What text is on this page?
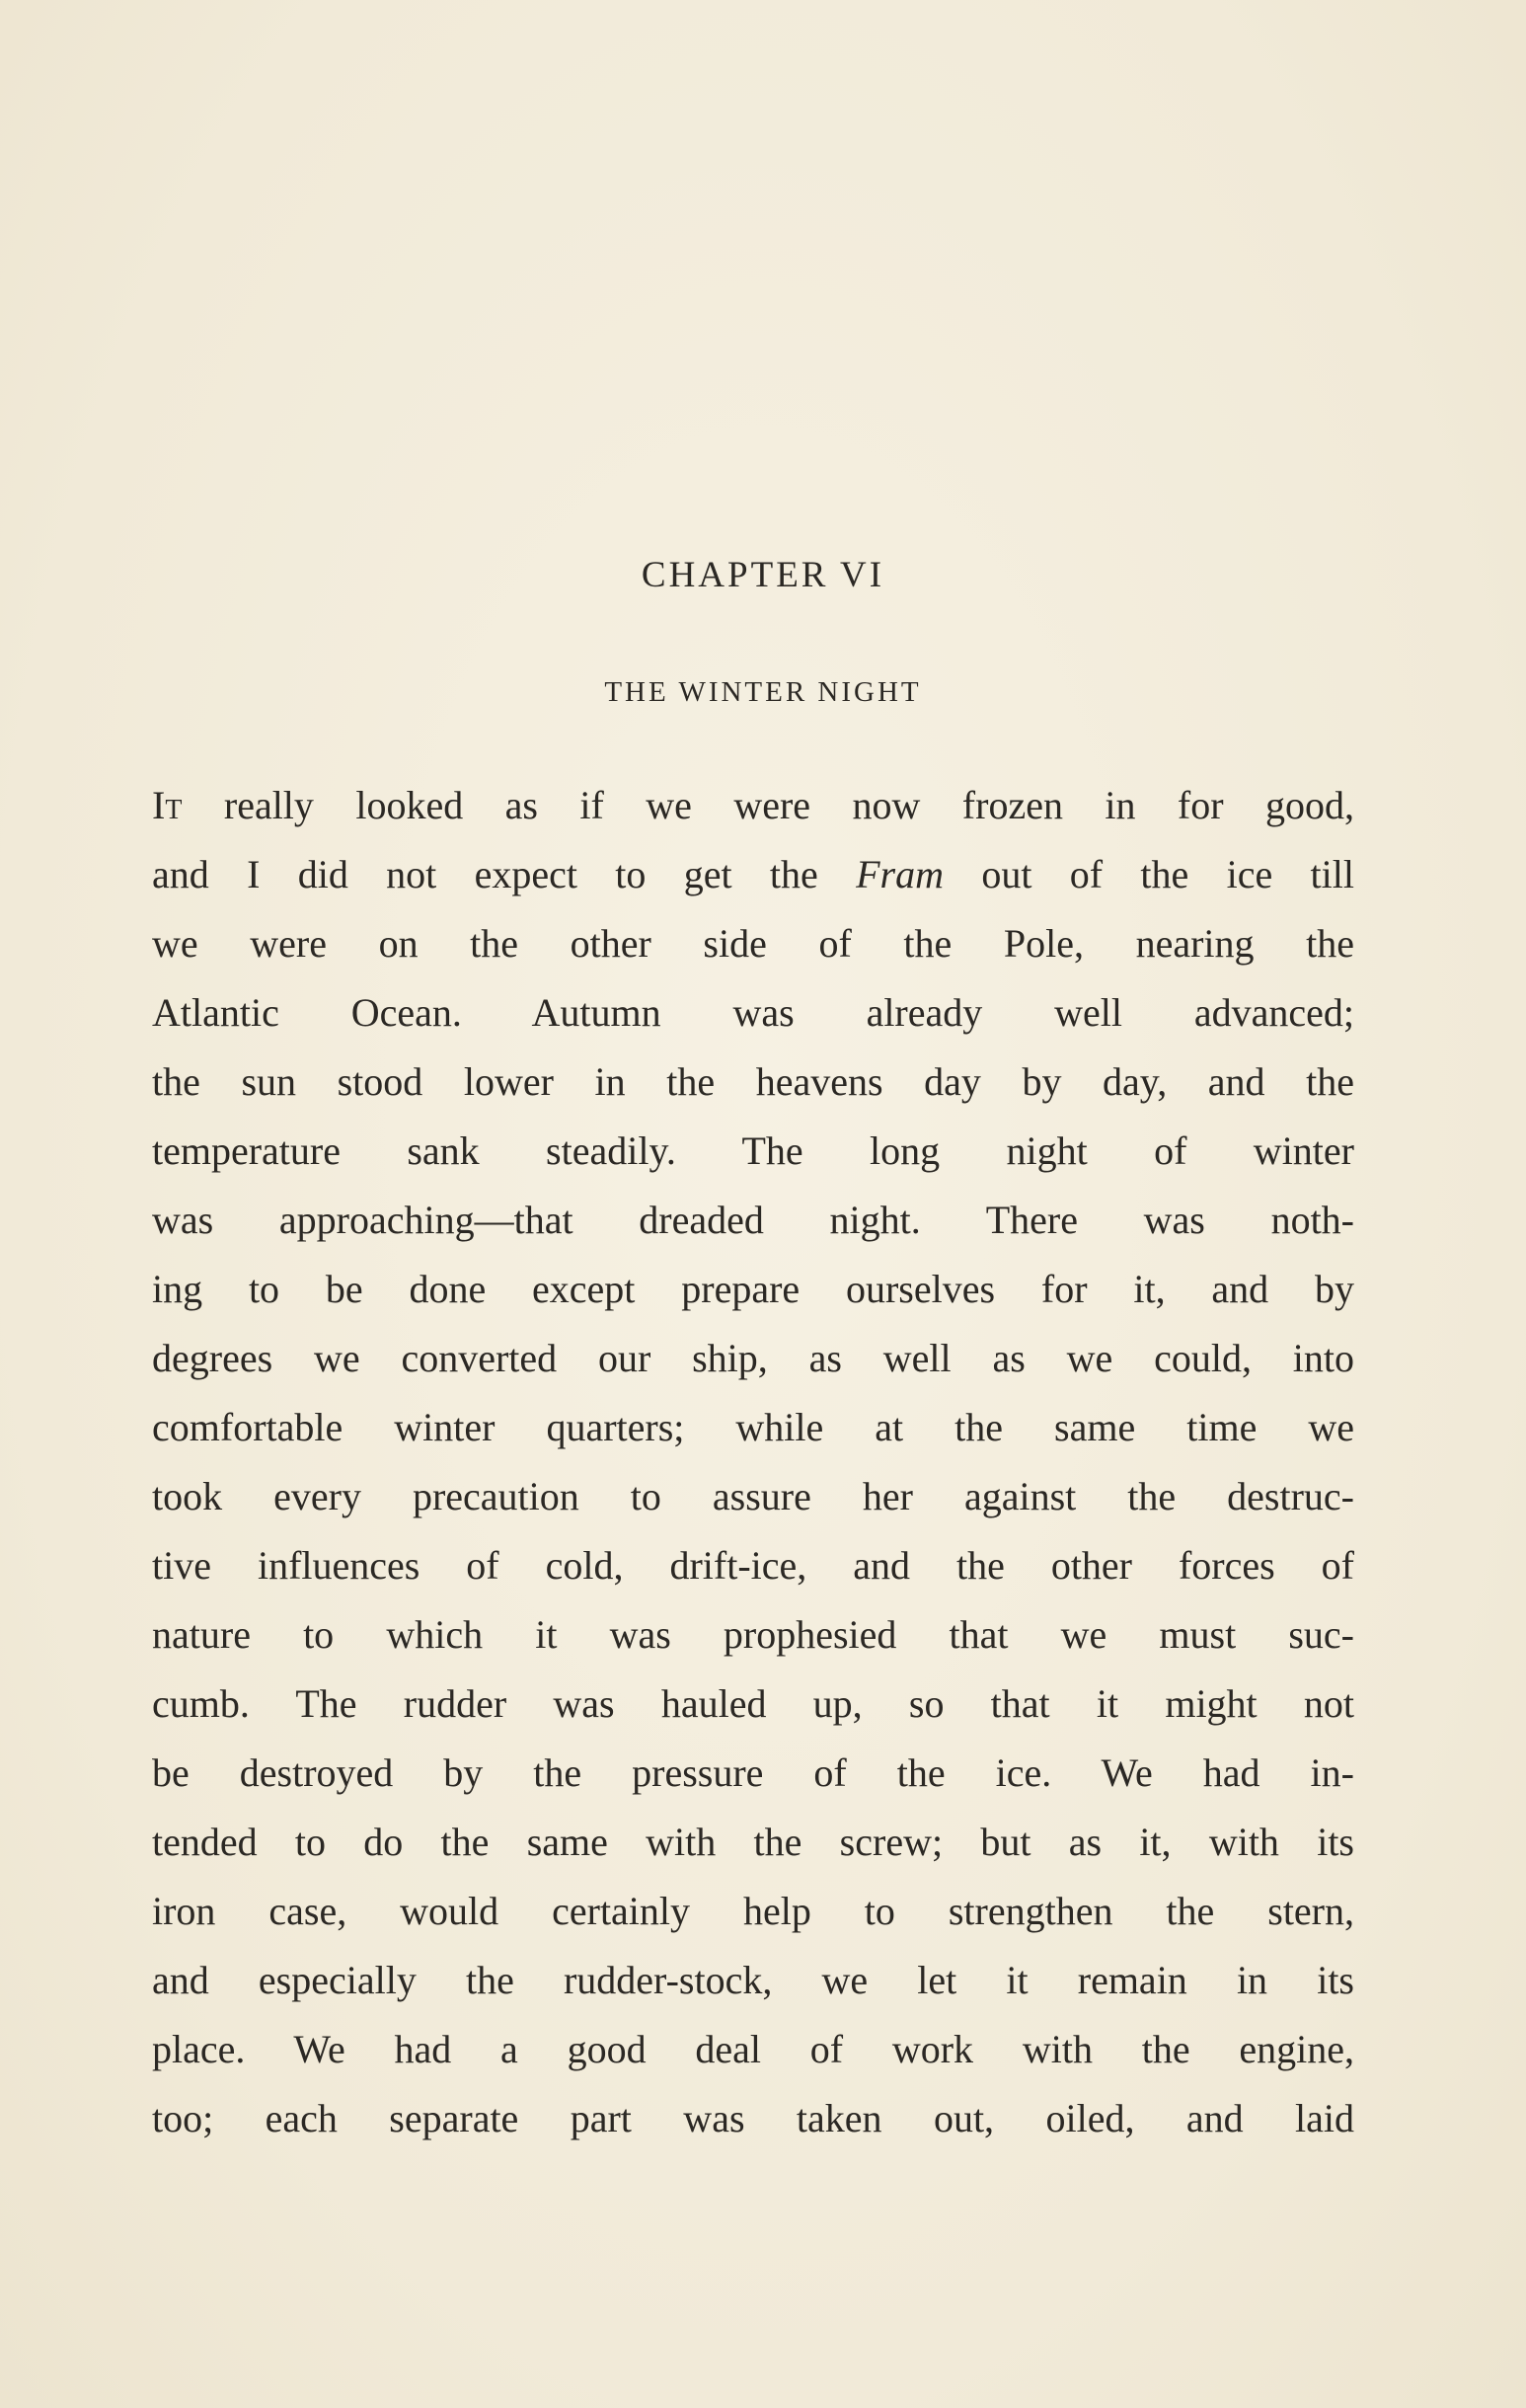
CHAPTER VI
THE WINTER NIGHT
It really looked as if we were now frozen in for good,
and I did not expect to get the Fram out of the ice till
we were on the other side of the Pole, nearing the
Atlantic Ocean. Autumn was already well advanced;
the sun stood lower in the heavens day by day, and the
temperature sank steadily. The long night of winter
was approaching—that dreaded night. There was noth-
ing to be done except prepare ourselves for it, and by
degrees we converted our ship, as well as we could, into
comfortable winter quarters; while at the same time we
took every precaution to assure her against the destruc-
tive influences of cold, drift-ice, and the other forces of
nature to which it was prophesied that we must suc-
cumb. The rudder was hauled up, so that it might not
be destroyed by the pressure of the ice. We had in-
tended to do the same with the screw; but as it, with its
iron case, would certainly help to strengthen the stern,
and especially the rudder-stock, we let it remain in its
place. We had a good deal of work with the engine,
too; each separate part was taken out, oiled, and laid
